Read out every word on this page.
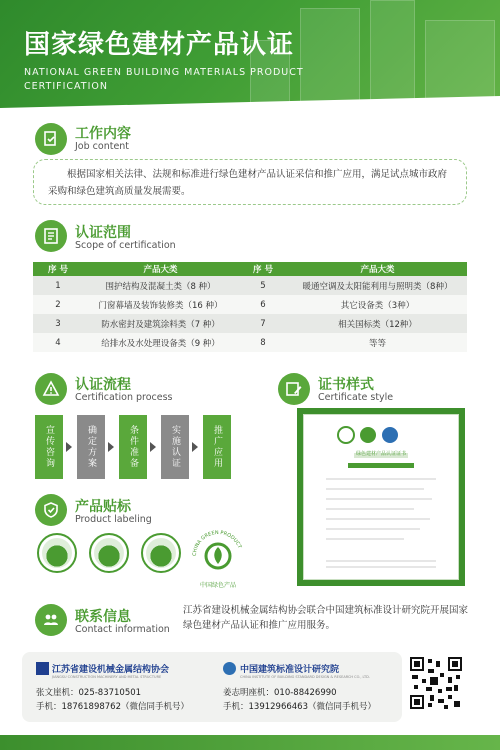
国家绿色建材产品认证
NATIONAL GREEN BUILDING MATERIALS PRODUCT CERTIFICATION
工作内容
Job content
根据国家相关法律、法规和标准进行绿色建材产品认证采信和推广应用，满足试点城市政府采购和绿色建筑高质量发展需要。
认证范围
Scope of certification
序 号	产品大类	序 号	产品大类
1	围护结构及混凝土类（8 种）	5	暖通空调及太阳能利用与照明类（8种）
2	门窗幕墙及装饰装修类（16 种）	6	其它设备类（3种）
3	防水密封及建筑涂料类（7 种）	7	相关国标类（12种）
4	给排水及水处理设备类（9 种）	8	等等
认证流程
Certification process
宣传咨询	确定方案	条件准备	实施认证	推广应用
证书样式
Certificate style
绿色建材产品认证证书
产品贴标
Product labeling
CHINA GREEN PRODUCT
中国绿色产品
联系信息
Contact information
江苏省建设机械金属结构协会联合中国建筑标准设计研究院开展国家绿色建材产品认证和推广应用服务。
江苏省建设机械金属结构协会
JIANGSU CONSTRUCTION MACHINERY AND METAL STRUCTURE
张文崖机：025-83710501
手机：18761898762（微信同手机号）
中国建筑标准设计研究院
CHINA INSTITUTE OF BUILDING STANDARD DESIGN & RESEARCH CO., LTD.
姜志明座机：010-88426990
手机：13912966463（微信同手机号）
